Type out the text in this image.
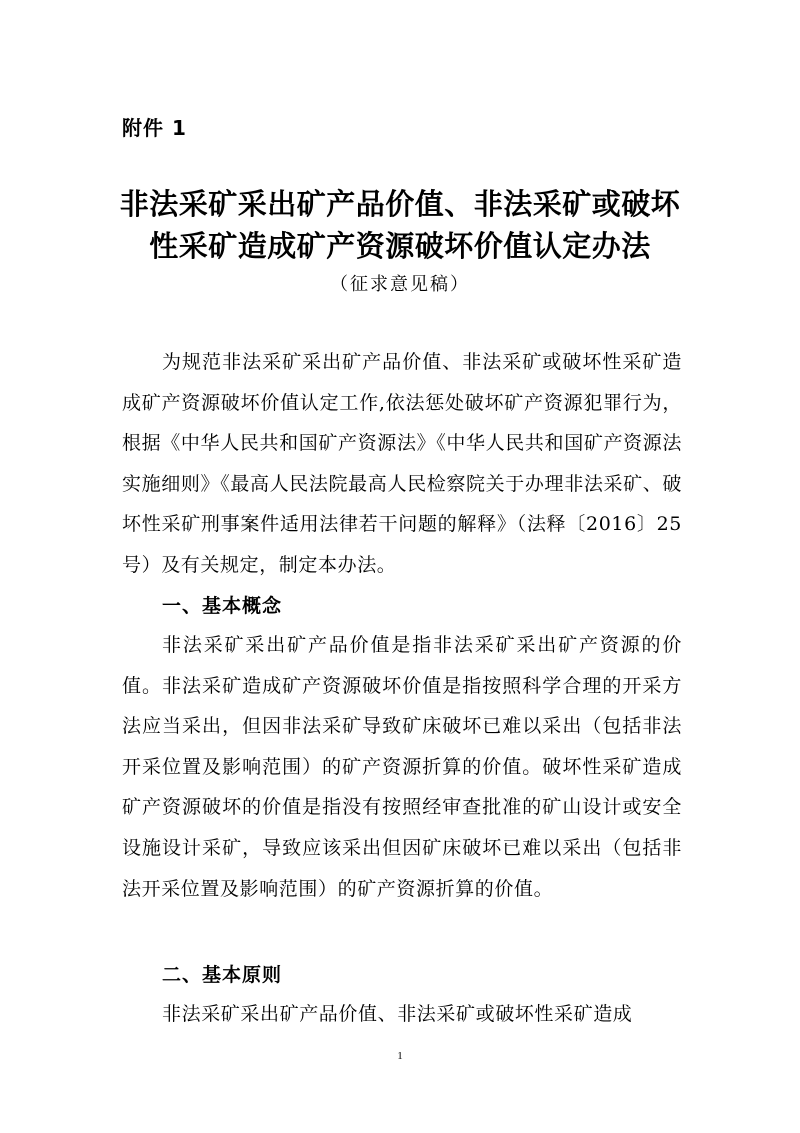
附件 1
非法采矿采出矿产品价值、非法采矿或破坏
性采矿造成矿产资源破坏价值认定办法
（征求意见稿）

为规范非法采矿采出矿产品价值、非法采矿或破坏性采矿造成矿产资源破坏价值认定工作,依法惩处破坏矿产资源犯罪行为，根据《中华人民共和国矿产资源法》《中华人民共和国矿产资源法实施细则》《最高人民法院最高人民检察院关于办理非法采矿、破坏性采矿刑事案件适用法律若干问题的解释》（法释〔2016〕25 号）及有关规定，制定本办法。

一、基本概念

非法采矿采出矿产品价值是指非法采矿采出矿产资源的价值。非法采矿造成矿产资源破坏价值是指按照科学合理的开采方法应当采出，但因非法采矿导致矿床破坏已难以采出（包括非法开采位置及影响范围）的矿产资源折算的价值。破坏性采矿造成矿产资源破坏的价值是指没有按照经审查批准的矿山设计或安全设施设计采矿，导致应该采出但因矿床破坏已难以采出（包括非法开采位置及影响范围）的矿产资源折算的价值。

二、基本原则

非法采矿采出矿产品价值、非法采矿或破坏性采矿造成

1
